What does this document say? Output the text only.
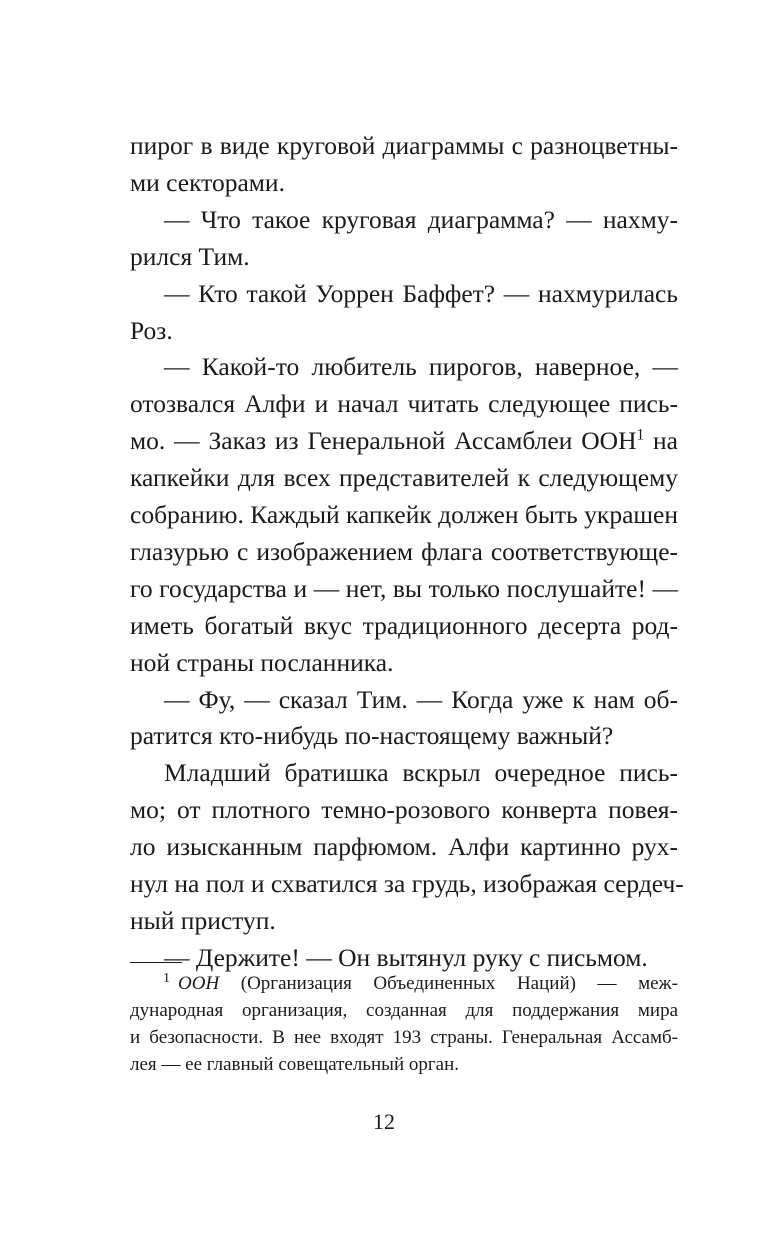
пирог в виде круговой диаграммы с разноцветны-
ми секторами.
— Что такое круговая диаграмма? — нахму-
рился Тим.
— Кто такой Уоррен Баффет? — нахмурилась
Роз.
— Какой-то любитель пирогов, наверное, —
отозвался Алфи и начал читать следующее пись-
мо. — Заказ из Генеральной Ассамблеи ООН$^1$ на
капкейки для всех представителей к следующему
собранию. Каждый капкейк должен быть украшен
глазурью с изображением флага соответствующе-
го государства и — нет, вы только послушайте! —
иметь богатый вкус традиционного десерта род-
ной страны посланника.
— Фу, — сказал Тим. — Когда уже к нам об-
ратится кто-нибудь по-настоящему важный?
Младший братишка вскрыл очередное пись-
мо; от плотного темно-розового конверта повея-
ло изысканным парфюмом. Алфи картинно рух-
нул на пол и схватился за грудь, изображая сердеч-
ный приступ.
— Держите! — Он вытянул руку с письмом.
$^1$ ООН (Организация Объединенных Наций) — меж-
дународная организация, созданная для поддержания мира
и безопасности. В нее входят 193 страны. Генеральная Ассамб-
лея — ее главный совещательный орган.
12
